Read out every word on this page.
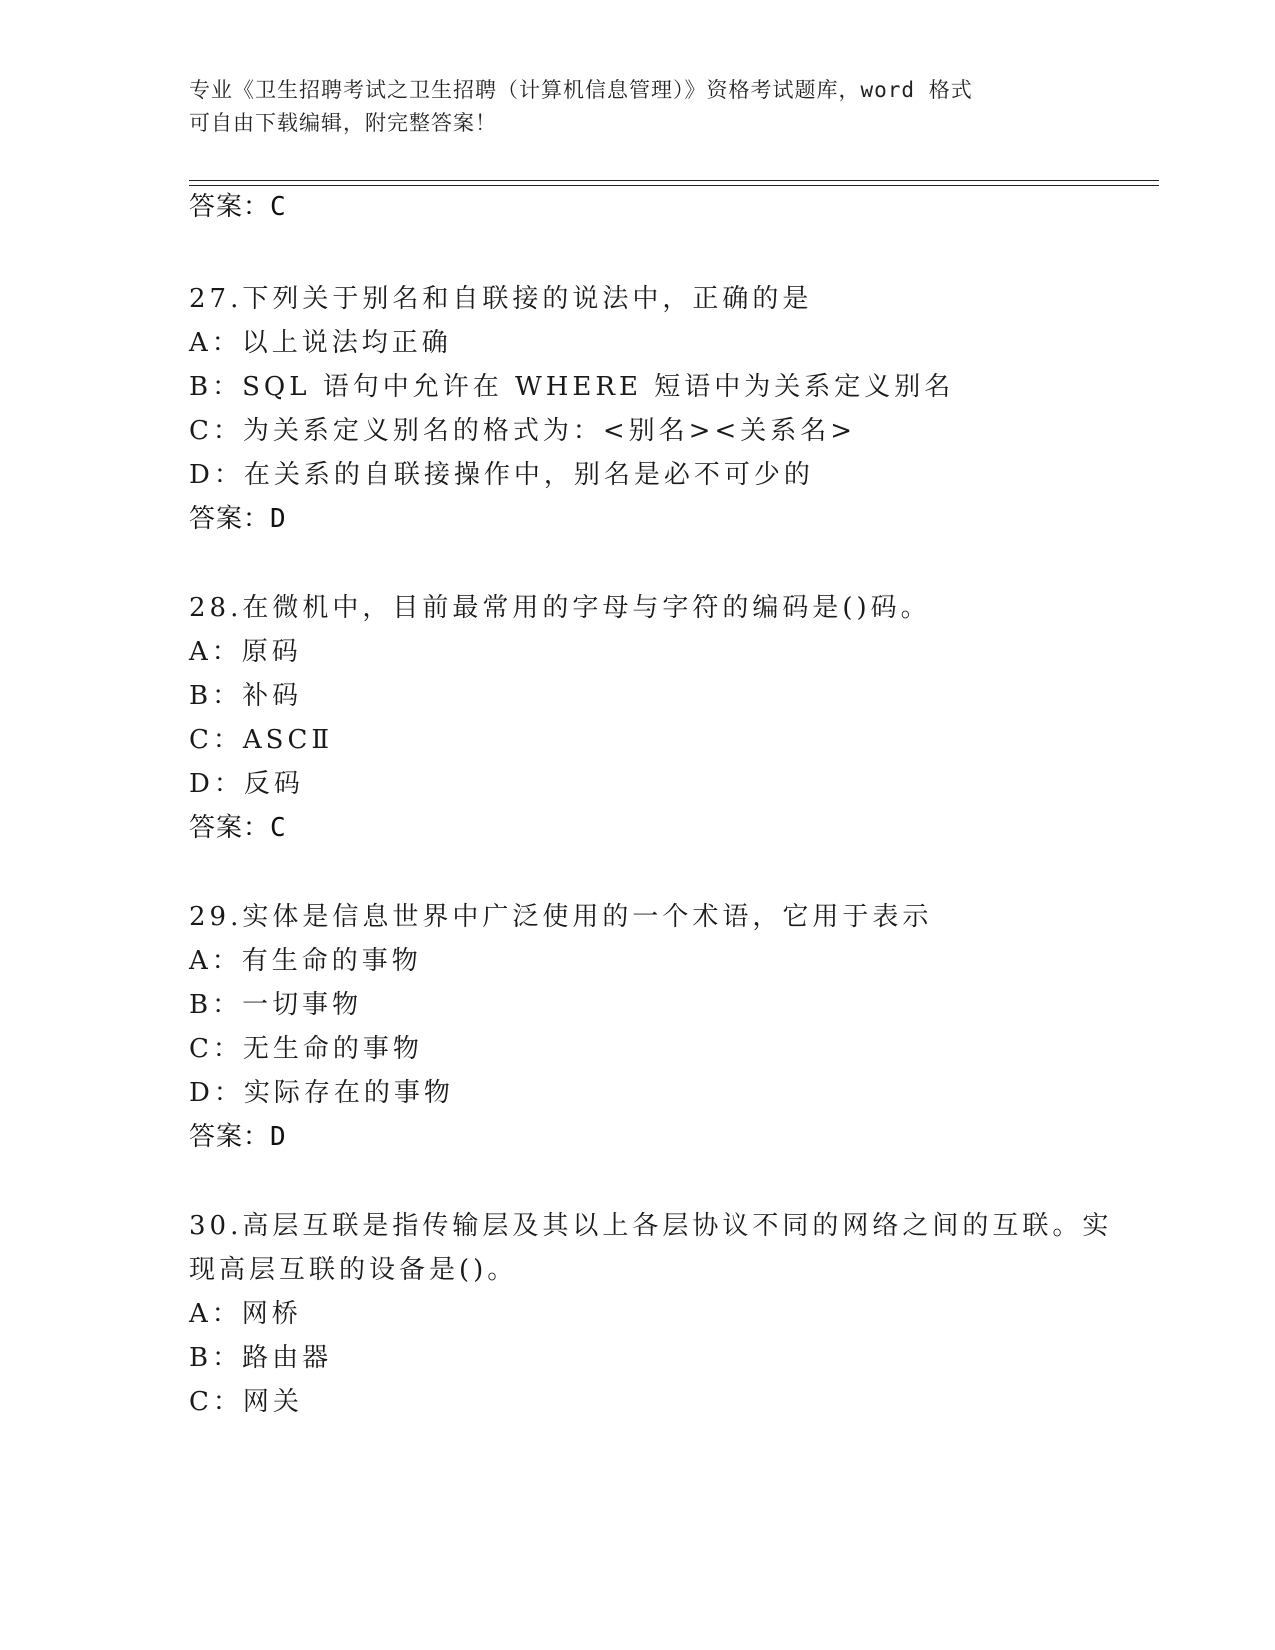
专业《卫生招聘考试之卫生招聘（计算机信息管理）》资格考试题库，word 格式
可自由下载编辑，附完整答案！
答案：C
27.下列关于别名和自联接的说法中，正确的是
A：以上说法均正确
B：SQL 语句中允许在 WHERE 短语中为关系定义别名
C：为关系定义别名的格式为：<别名><关系名>
D：在关系的自联接操作中，别名是必不可少的
答案：D
28.在微机中，目前最常用的字母与字符的编码是()码。
A：原码
B：补码
C：ASCⅡ
D：反码
答案：C
29.实体是信息世界中广泛使用的一个术语，它用于表示
A：有生命的事物
B：一切事物
C：无生命的事物
D：实际存在的事物
答案：D
30.高层互联是指传输层及其以上各层协议不同的网络之间的互联。实
现高层互联的设备是()。
A：网桥
B：路由器
C：网关
